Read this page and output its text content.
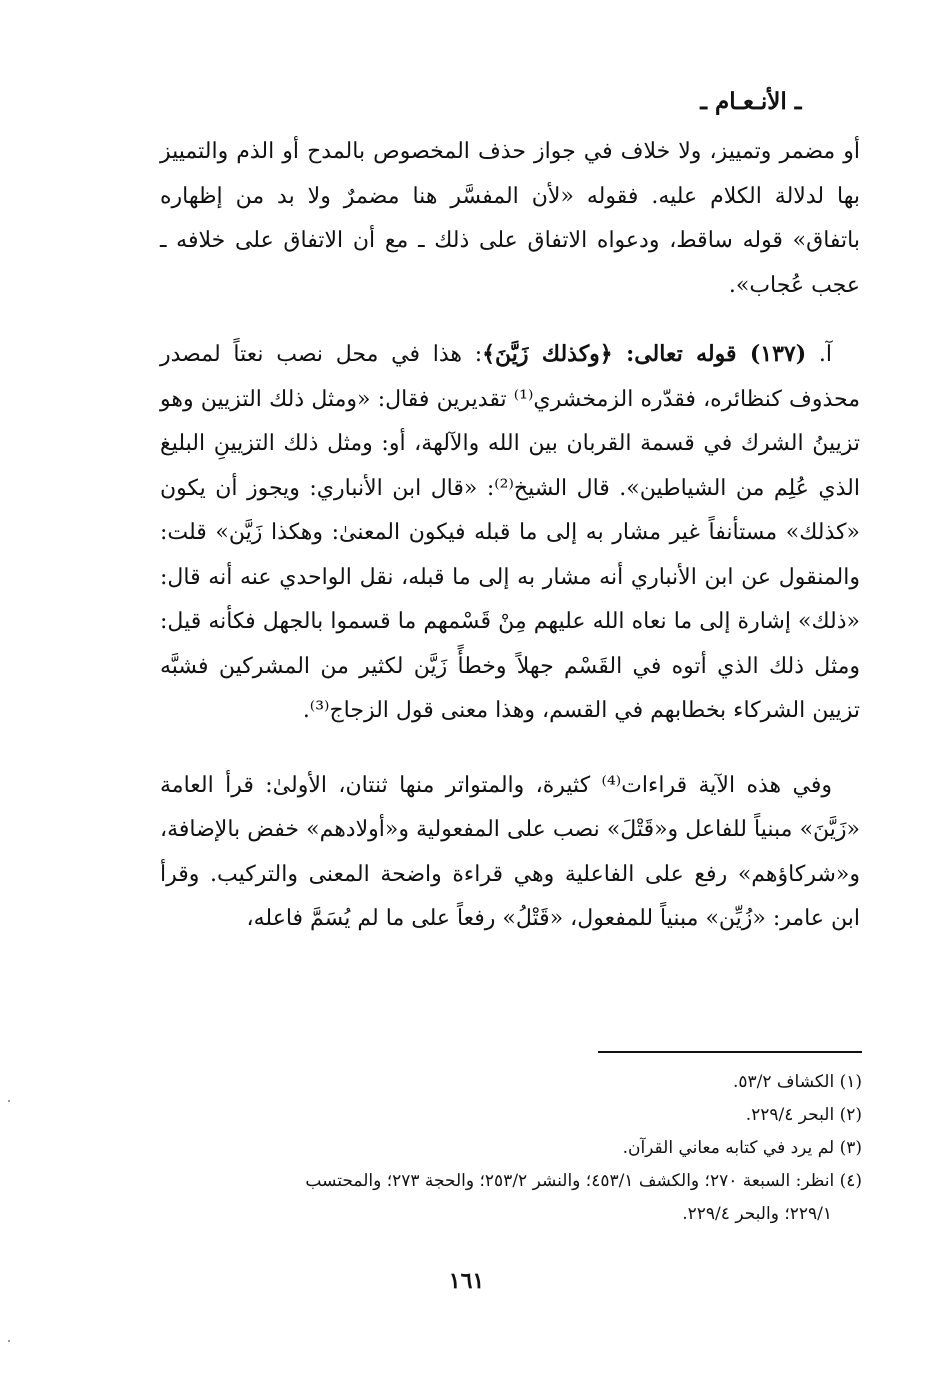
ـ الأنـعـام ـ

أو مضمر وتمييز، ولا خلاف في جواز حذف المخصوص بالمدح أو الذم والتمييز بها لدلالة الكلام عليه. فقوله «لأن المفسَّر هنا مضمرٌ ولا بد من إظهاره باتفاق» قوله ساقط، ودعواه الاتفاق على ذلك ـ مع أن الاتفاق على خلافه ـ عجب عُجاب».

آ. (١٣٧) قوله تعالى: ﴿وكذلك زَيَّنَ﴾: هذا في محل نصب نعتاً لمصدر محذوف كنظائره، فقدّره الزمخشري⁽¹⁾ تقديرين فقال: «ومثل ذلك التزيين وهو تزيينُ الشرك في قسمة القربان بين الله والآلهة، أو: ومثل ذلك التزيينِ البليغ الذي عُلِم من الشياطين». قال الشيخ⁽²⁾: «قال ابن الأنباري: ويجوز أن يكون «كذلك» مستأنفاً غير مشار به إلى ما قبله فيكون المعنىٰ: وهكذا زَيَّن» قلت: والمنقول عن ابن الأنباري أنه مشار به إلى ما قبله، نقل الواحدي عنه أنه قال: «ذلك» إشارة إلى ما نعاه الله عليهم مِنْ قَسْمهم ما قسموا بالجهل فكأنه قيل: ومثل ذلك الذي أتوه في القَسْم جهلاً وخطأً زَيَّن لكثير من المشركين فشبَّه تزيين الشركاء بخطابهم في القسم، وهذا معنى قول الزجاج⁽³⁾.

وفي هذه الآية قراءات⁽⁴⁾ كثيرة، والمتواتر منها ثنتان، الأولىٰ: قرأ العامة «زَيَّنَ» مبنياً للفاعل و«قَتْلَ» نصب على المفعولية و«أولادهم» خفض بالإضافة، و«شركاؤهم» رفع على الفاعلية وهي قراءة واضحة المعنى والتركيب. وقرأ ابن عامر: «زُيِّن» مبنياً للمفعول، «قَتْلُ» رفعاً على ما لم يُسَمَّ فاعله،

(١) الكشاف ٥٣/٢.

(٢) البحر ٢٢٩/٤.

(٣) لم يرد في كتابه معاني القرآن.

(٤) انظر: السبعة ٢٧٠؛ والكشف ٤٥٣/١؛ والنشر ٢٥٣/٢؛ والحجة ٢٧٣؛ والمحتسب

٢٢٩/١؛ والبحر ٢٢٩/٤.

١٦١
